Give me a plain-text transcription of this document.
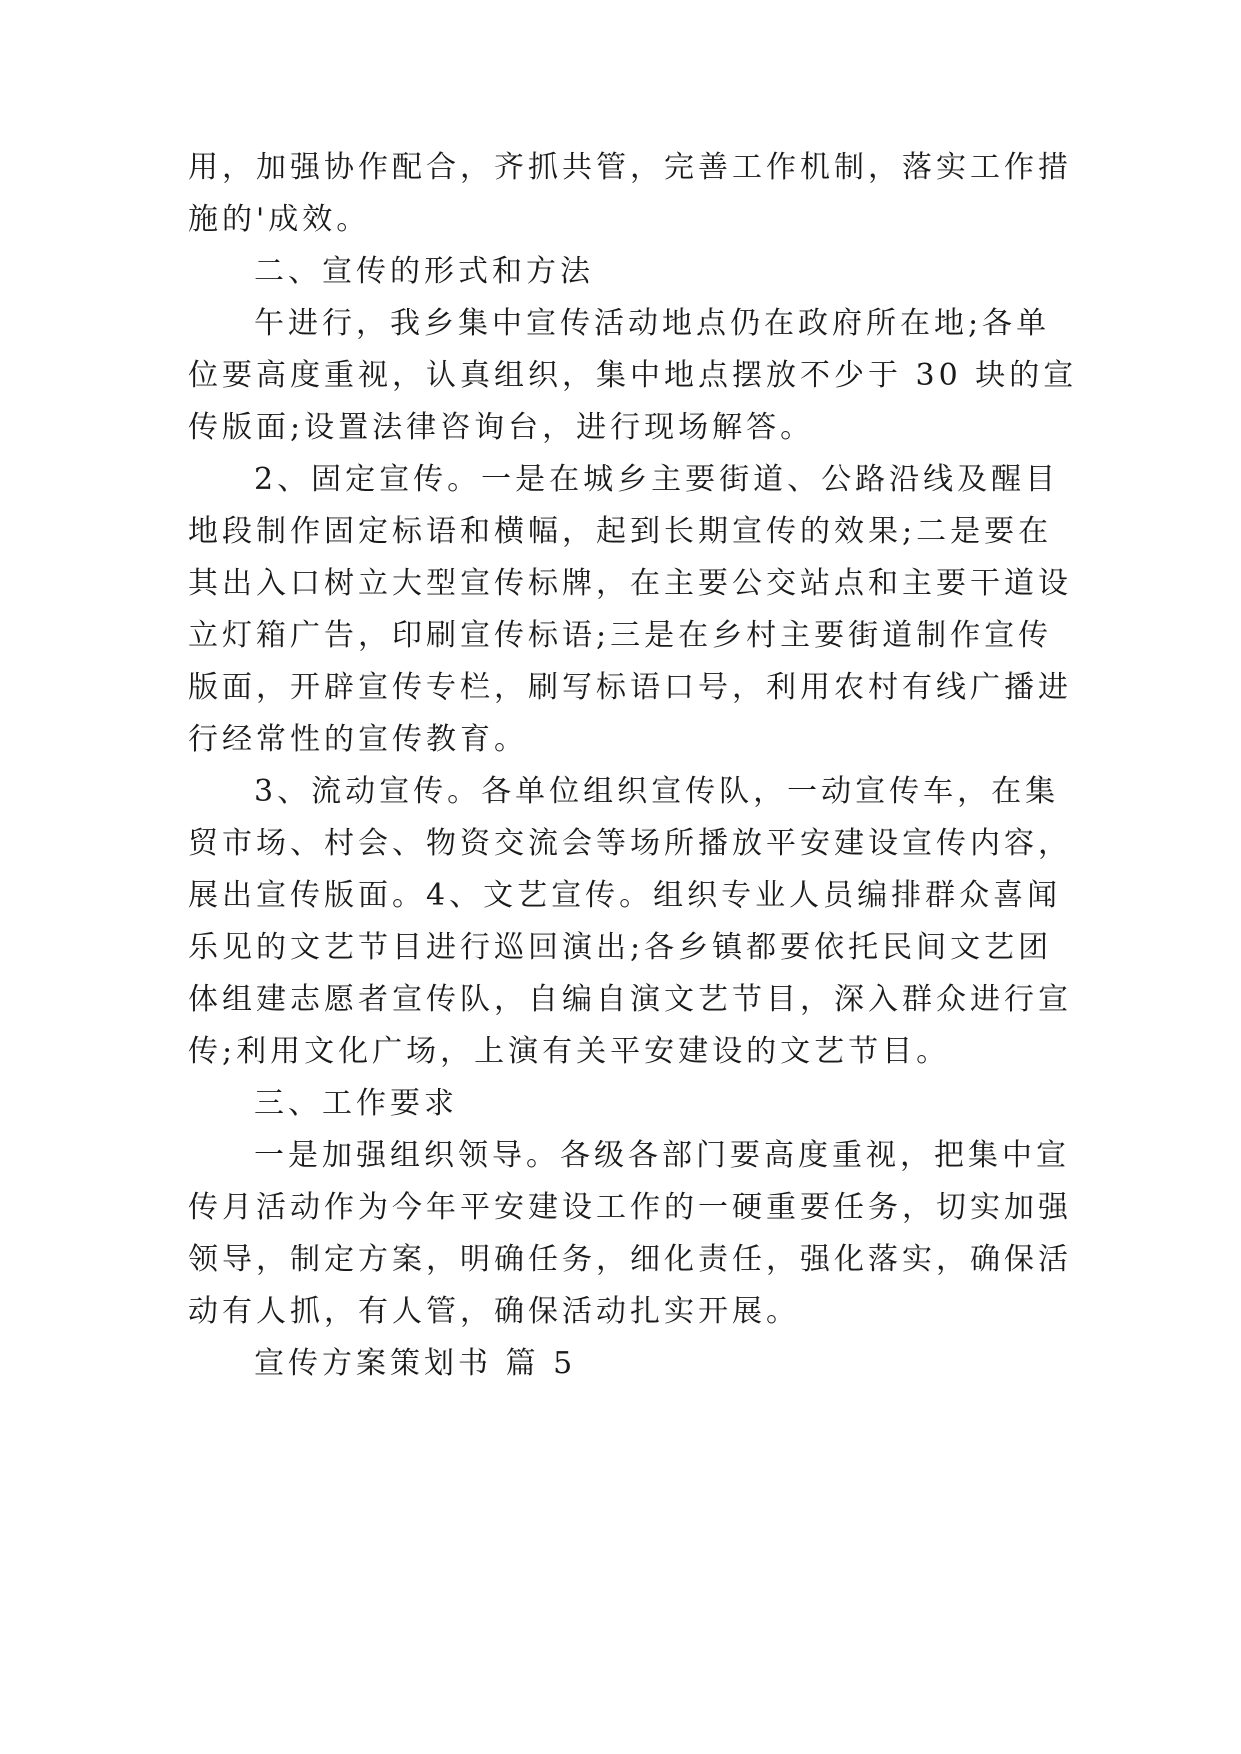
用，加强协作配合，齐抓共管，完善工作机制，落实工作措
施的'成效。
二、宣传的形式和方法
午进行，我乡集中宣传活动地点仍在政府所在地;各单
位要高度重视，认真组织，集中地点摆放不少于 30 块的宣
传版面;设置法律咨询台，进行现场解答。
2、固定宣传。一是在城乡主要街道、公路沿线及醒目
地段制作固定标语和横幅，起到长期宣传的效果;二是要在
其出入口树立大型宣传标牌，在主要公交站点和主要干道设
立灯箱广告，印刷宣传标语;三是在乡村主要街道制作宣传
版面，开辟宣传专栏，刷写标语口号，利用农村有线广播进
行经常性的宣传教育。
3、流动宣传。各单位组织宣传队，一动宣传车，在集
贸市场、村会、物资交流会等场所播放平安建设宣传内容，
展出宣传版面。4、文艺宣传。组织专业人员编排群众喜闻
乐见的文艺节目进行巡回演出;各乡镇都要依托民间文艺团
体组建志愿者宣传队，自编自演文艺节目，深入群众进行宣
传;利用文化广场，上演有关平安建设的文艺节目。
三、工作要求
一是加强组织领导。各级各部门要高度重视，把集中宣
传月活动作为今年平安建设工作的一硬重要任务，切实加强
领导，制定方案，明确任务，细化责任，强化落实，确保活
动有人抓，有人管，确保活动扎实开展。
宣传方案策划书 篇 5
